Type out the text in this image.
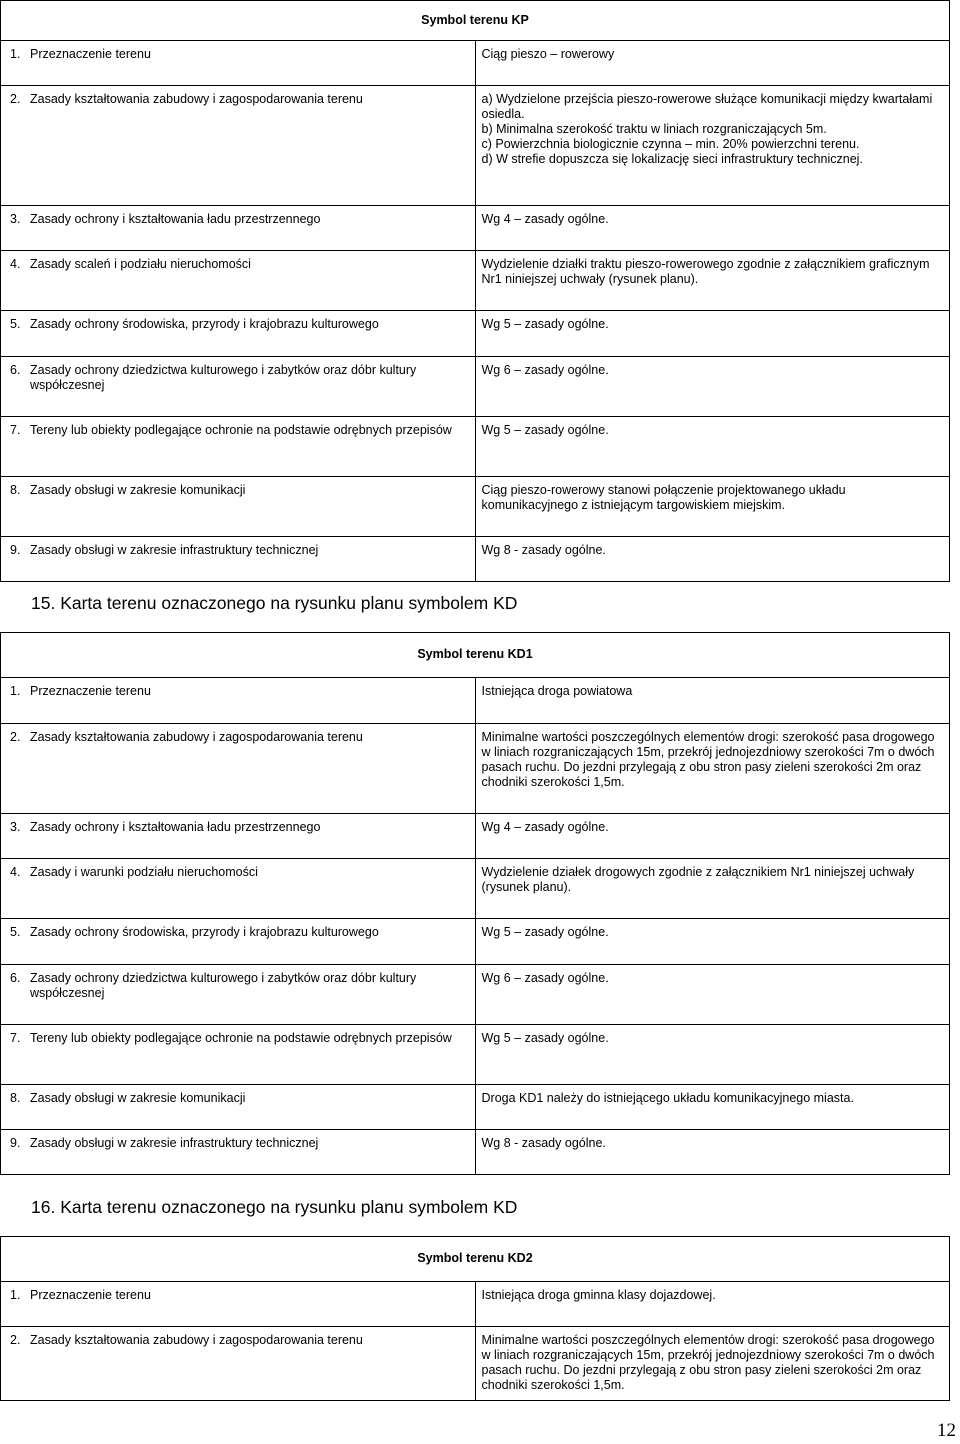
Symbol terenu KP	

1. Przeznaczenie terenu	Ciąg pieszo – rowerowy

2. Zasady kształtowania zabudowy i zagospodarowania terenu	a) Wydzielone przejścia pieszo-rowerowe służące komunikacji między kwartałami osiedla.
b) Minimalna szerokość traktu w liniach rozgraniczających 5m.
c) Powierzchnia biologicznie czynna – min. 20% powierzchni terenu.
d) W strefie dopuszcza się lokalizację sieci infrastruktury technicznej.

3. Zasady ochrony i kształtowania ładu przestrzennego	Wg 4 – zasady ogólne.

4. Zasady scaleń i podziału nieruchomości	Wydzielenie działki traktu pieszo-rowerowego zgodnie z załącznikiem graficznym Nr1 niniejszej uchwały (rysunek planu).

5. Zasady ochrony środowiska, przyrody i krajobrazu kulturowego	Wg 5 – zasady ogólne.

6. Zasady ochrony dziedzictwa kulturowego i zabytków oraz dóbr kultury współczesnej	Wg 6 – zasady ogólne.

7. Tereny lub obiekty podlegające ochronie na podstawie odrębnych przepisów	Wg 5 – zasady ogólne.

8. Zasady obsługi w zakresie komunikacji	Ciąg pieszo-rowerowy stanowi połączenie projektowanego układu komunikacyjnego z istniejącym targowiskiem miejskim.

9. Zasady obsługi w zakresie infrastruktury technicznej	Wg 8 - zasady ogólne.
15. Karta terenu oznaczonego na rysunku planu symbolem KD
Symbol terenu KD1	

1. Przeznaczenie terenu	Istniejąca droga powiatowa

2. Zasady kształtowania zabudowy i zagospodarowania terenu	Minimalne wartości poszczególnych elementów drogi: szerokość pasa drogowego w liniach rozgraniczających 15m, przekrój jednojezdniowy szerokości 7m o dwóch pasach ruchu. Do jezdni przylegają z obu stron pasy zieleni szerokości 2m oraz chodniki szerokości 1,5m.

3. Zasady ochrony i kształtowania ładu przestrzennego	Wg 4 – zasady ogólne.

4. Zasady i warunki podziału nieruchomości	Wydzielenie działek drogowych zgodnie z załącznikiem Nr1 niniejszej uchwały (rysunek planu).

5. Zasady ochrony środowiska, przyrody i krajobrazu kulturowego	Wg 5 – zasady ogólne.

6. Zasady ochrony dziedzictwa kulturowego i zabytków oraz dóbr kultury współczesnej	Wg 6 – zasady ogólne.

7. Tereny lub obiekty podlegające ochronie na podstawie odrębnych przepisów	Wg 5 – zasady ogólne.

8. Zasady obsługi w zakresie komunikacji	Droga KD1 należy do istniejącego układu komunikacyjnego miasta.

9. Zasady obsługi w zakresie infrastruktury technicznej	Wg 8 - zasady ogólne.
16. Karta terenu oznaczonego na rysunku planu symbolem KD
Symbol terenu KD2	

1. Przeznaczenie terenu	Istniejąca droga gminna klasy dojazdowej.

2. Zasady kształtowania zabudowy i zagospodarowania terenu	Minimalne wartości poszczególnych elementów drogi: szerokość pasa drogowego w liniach rozgraniczających 15m, przekrój jednojezdniowy szerokości 7m o dwóch pasach ruchu. Do jezdni przylegają z obu stron pasy zieleni szerokości 2m oraz chodniki szerokości 1,5m.
12
